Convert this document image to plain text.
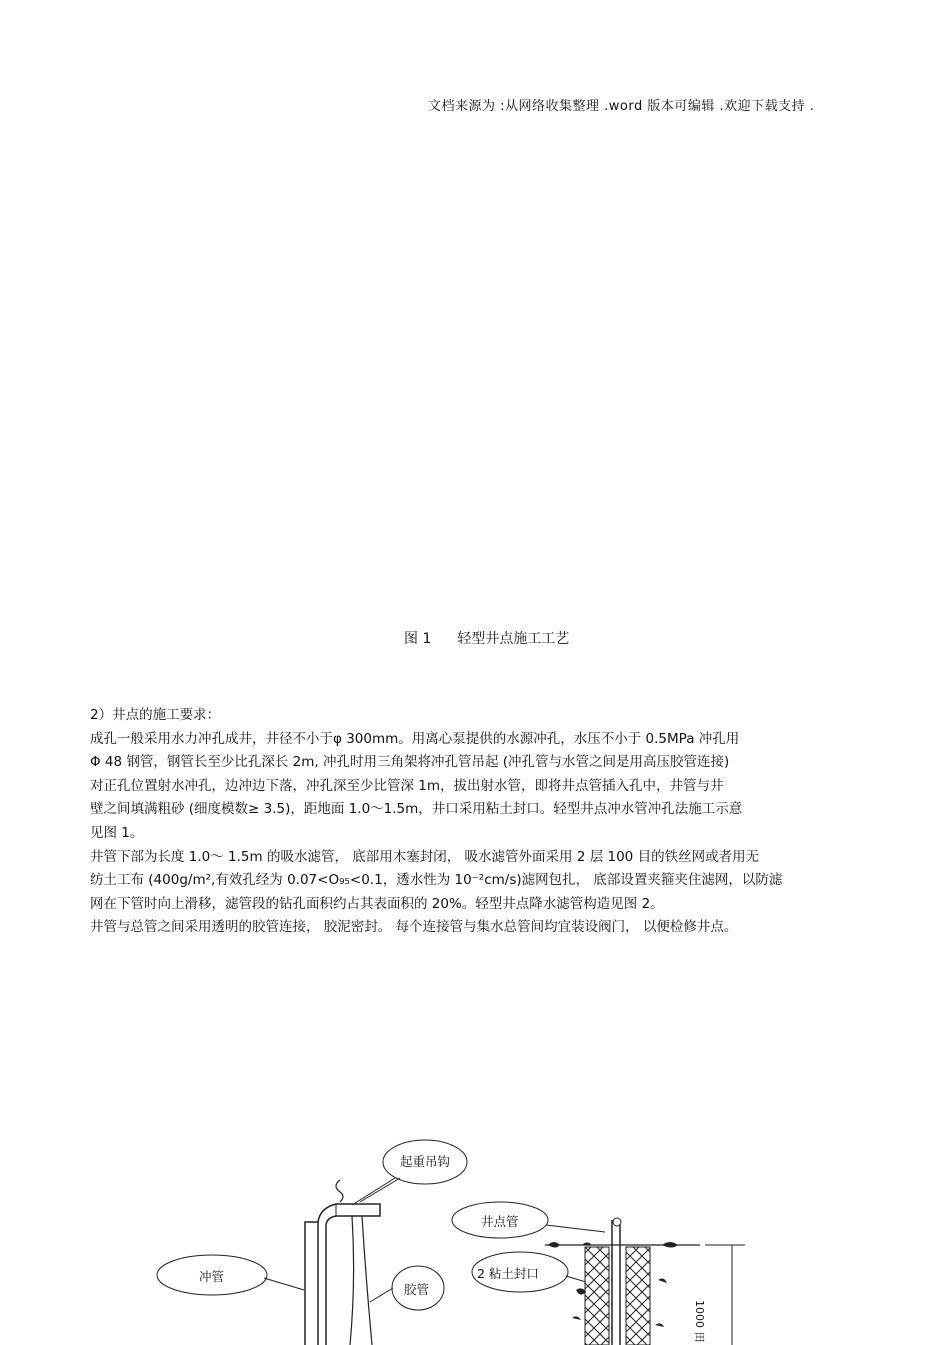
文档来源为 :从网络收集整理 .word 版本可编辑 .欢迎下载支持 .
图 1 轻型井点施工工艺
2）井点的施工要求：
成孔一般采用水力冲孔成井，井径不小于φ 300mm。用离心泵提供的水源冲孔，水压不小于 0.5MPa 冲孔用
Φ 48 钢管，钢管长至少比孔深长 2m, 冲孔时用三角架将冲孔管吊起 (冲孔管与水管之间是用高压胶管连接)
对正孔位置射水冲孔，边冲边下落，冲孔深至少比管深 1m，拔出射水管，即将井点管插入孔中，井管与井
壁之间填满粗砂 (细度模数≥ 3.5)，距地面 1.0～1.5m，井口采用粘土封口。轻型井点冲水管冲孔法施工示意
见图 1。
井管下部为长度 1.0～ 1.5m 的吸水滤管， 底部用木塞封闭， 吸水滤管外面采用 2 层 100 目的铁丝网或者用无
纺土工布 (400g/m²,有效孔经为 0.07<O₉₅<0.1，透水性为 10⁻²cm/s)滤网包扎， 底部设置夹箍夹住滤网，以防滤
网在下管时向上滑移，滤管段的钻孔面积约占其表面积的 20%。轻型井点降水滤管构造见图 2。
井管与总管之间采用透明的胶管连接， 胶泥密封。 每个连接管与集水总管间均宜装设阀门， 以便检修井点。
起重吊钩
井点管
冲管	2 粘土封口
胶管
1000 田
